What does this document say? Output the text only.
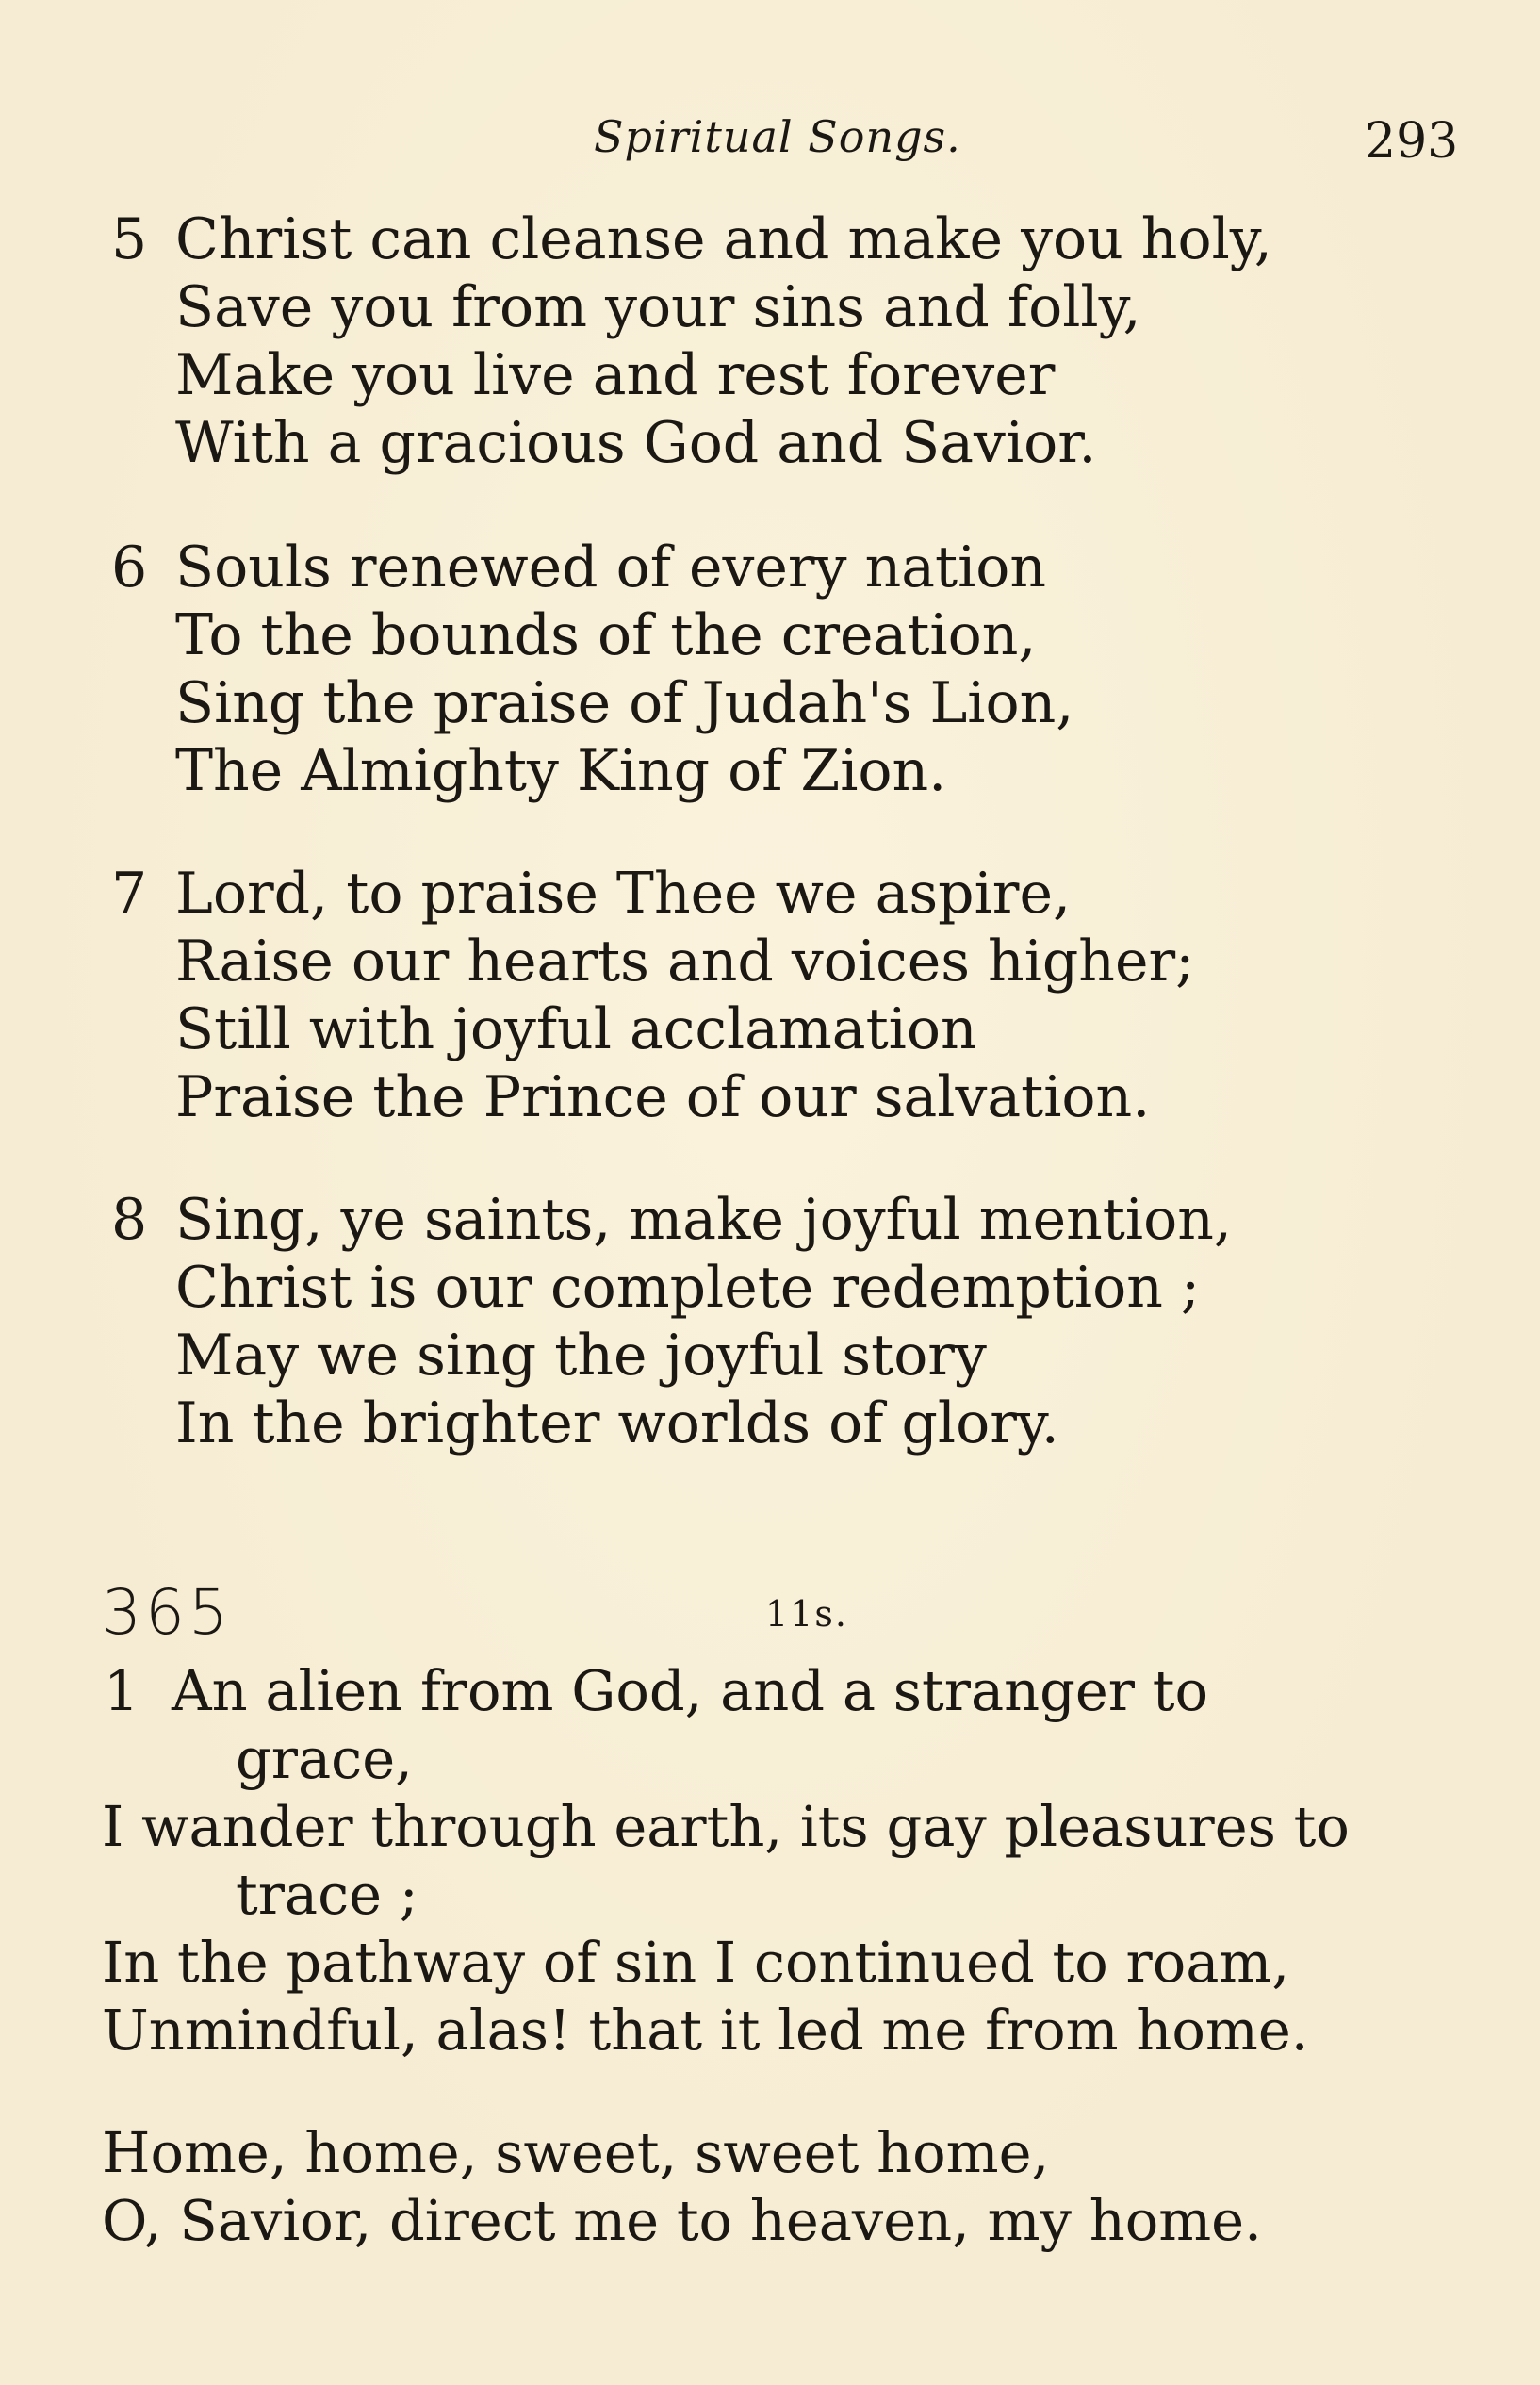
Spiritual Songs.	293
5 Christ can cleanse and make you holy,
Save you from your sins and folly,
Make you live and rest forever
With a gracious God and Savior.
6 Souls renewed of every nation
To the bounds of the creation,
Sing the praise of Judah's Lion,
The Almighty King of Zion.
7 Lord, to praise Thee we aspire,
Raise our hearts and voices higher;
Still with joyful acclamation
Praise the Prince of our salvation.
8 Sing, ye saints, make joyful mention,
Christ is our complete redemption ;
May we sing the joyful story
In the brighter worlds of glory.
365	11s.
1 An alien from God, and a stranger to
grace,
I wander through earth, its gay pleasures to
trace ;
In the pathway of sin I continued to roam,
Unmindful, alas! that it led me from home.
Home, home, sweet, sweet home,
O, Savior, direct me to heaven, my home.
